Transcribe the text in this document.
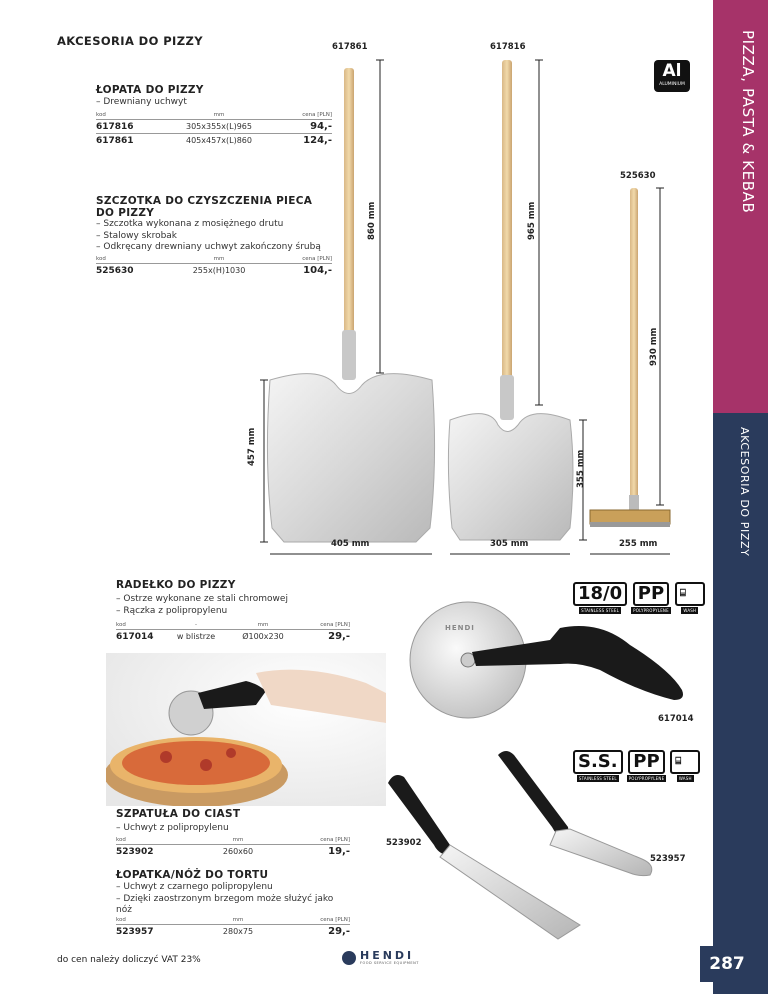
AKCESORIA DO PIZZY	PIZZA, PASTA & KEBAB
AKCESORIA DO PIZZY
Al
ALUMINIUM
ŁOPATA DO PIZZY
– Drewniany uchwyt
kod	mm	cena [PLN]
617816	305x355x(L)965	94,-
617861	405x457x(L)860	124,-
SZCZOTKA DO CZYSZCZENIA PIECA
DO PIZZY
– Szczotka wykonana z mosiężnego drutu
– Stalowy skrobak
– Odkręcany drewniany uchwyt zakończony śrubą
kod	mm	cena [PLN]
525630	255x(H)1030	104,-
617861	617816
525630
860 mm	965 mm
930 mm
457 mm
355 mm
405 mm	305 mm	255 mm
RADEŁKO DO PIZZY
– Ostrze wykonane ze stali chromowej
– Rączka z polipropylenu
kod	-	mm	cena [PLN]
617014	w blistrze	Ø100x230	29,-
18/0
STAINLESS STEEL
PP
POLYPROPYLENE
⌸
WASH
HENDI
617014
S.S.
STAINLESS STEEL
PP
POLYPROPYLENE
⌸
WASH
523902
523957
SZPATUŁA DO CIAST
– Uchwyt z polipropylenu
kod	mm	cena [PLN]
523902	260x60	19,-
ŁOPATKA/NÓŻ DO TORTU
– Uchwyt z czarnego polipropylenu
– Dzięki zaostrzonym brzegom może służyć jako
nóż
kod	mm	cena [PLN]
523957	280x75	29,-
do cen należy doliczyć VAT 23%	HENDI
FOOD SERVICE EQUIPMENT	287
